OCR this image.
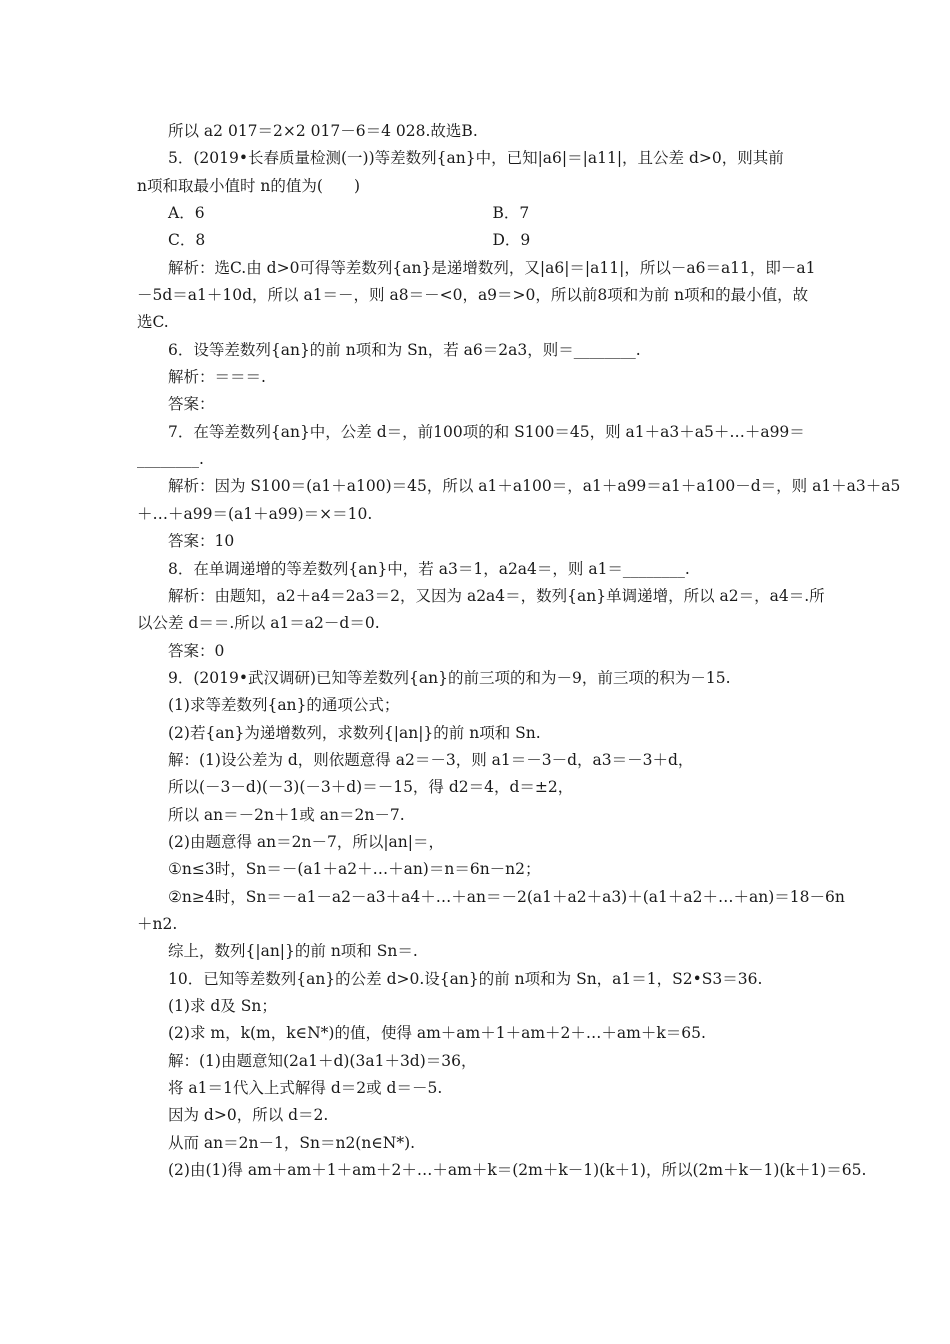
所以 a2 017＝2×2 017－6＝4 028.故选B.
5．(2019•长春质量检测(一))等差数列{an}中，已知|a6|＝|a11|，且公差 d>0，则其前
n项和取最小值时 n的值为(　　)
A．6	B．7
C．8	D．9
解析：选C.由 d>0可得等差数列{an}是递增数列，又|a6|＝|a11|，所以－a6＝a11，即－a1
－5d＝a1＋10d，所以 a1＝－，则 a8＝－<0，a9＝>0，所以前8项和为前 n项和的最小值，故
选C.
6．设等差数列{an}的前 n项和为 Sn，若 a6＝2a3，则＝________.
解析：＝＝＝.
答案：
7．在等差数列{an}中，公差 d＝，前100项的和 S100＝45，则 a1＋a3＋a5＋…＋a99＝
________.
解析：因为 S100＝(a1＋a100)＝45，所以 a1＋a100＝，a1＋a99＝a1＋a100－d＝，则 a1＋a3＋a5
＋…＋a99＝(a1＋a99)＝×＝10.
答案：10
8．在单调递增的等差数列{an}中，若 a3＝1，a2a4＝，则 a1＝________.
解析：由题知，a2＋a4＝2a3＝2，又因为 a2a4＝，数列{an}单调递增，所以 a2＝，a4＝.所
以公差 d＝＝.所以 a1＝a2－d＝0.
答案：0
9．(2019•武汉调研)已知等差数列{an}的前三项的和为－9，前三项的积为－15.
(1)求等差数列{an}的通项公式；
(2)若{an}为递增数列，求数列{|an|}的前 n项和 Sn.
解：(1)设公差为 d，则依题意得 a2＝－3，则 a1＝－3－d，a3＝－3＋d，
所以(－3－d)(－3)(－3＋d)＝－15，得 d2＝4，d＝±2，
所以 an＝－2n＋1或 an＝2n－7.
(2)由题意得 an＝2n－7，所以|an|＝，
①n≤3时，Sn＝－(a1＋a2＋…＋an)＝n＝6n－n2；
②n≥4时，Sn＝－a1－a2－a3＋a4＋…＋an＝－2(a1＋a2＋a3)＋(a1＋a2＋…＋an)＝18－6n
＋n2.
综上，数列{|an|}的前 n项和 Sn＝.
10．已知等差数列{an}的公差 d>0.设{an}的前 n项和为 Sn，a1＝1，S2•S3＝36.
(1)求 d及 Sn；
(2)求 m，k(m，k∈N*)的值，使得 am＋am＋1＋am＋2＋…＋am＋k＝65.
解：(1)由题意知(2a1＋d)(3a1＋3d)＝36，
将 a1＝1代入上式解得 d＝2或 d＝－5.
因为 d>0，所以 d＝2.
从而 an＝2n－1，Sn＝n2(n∈N*).
(2)由(1)得 am＋am＋1＋am＋2＋…＋am＋k＝(2m＋k－1)(k＋1)，所以(2m＋k－1)(k＋1)＝65.
